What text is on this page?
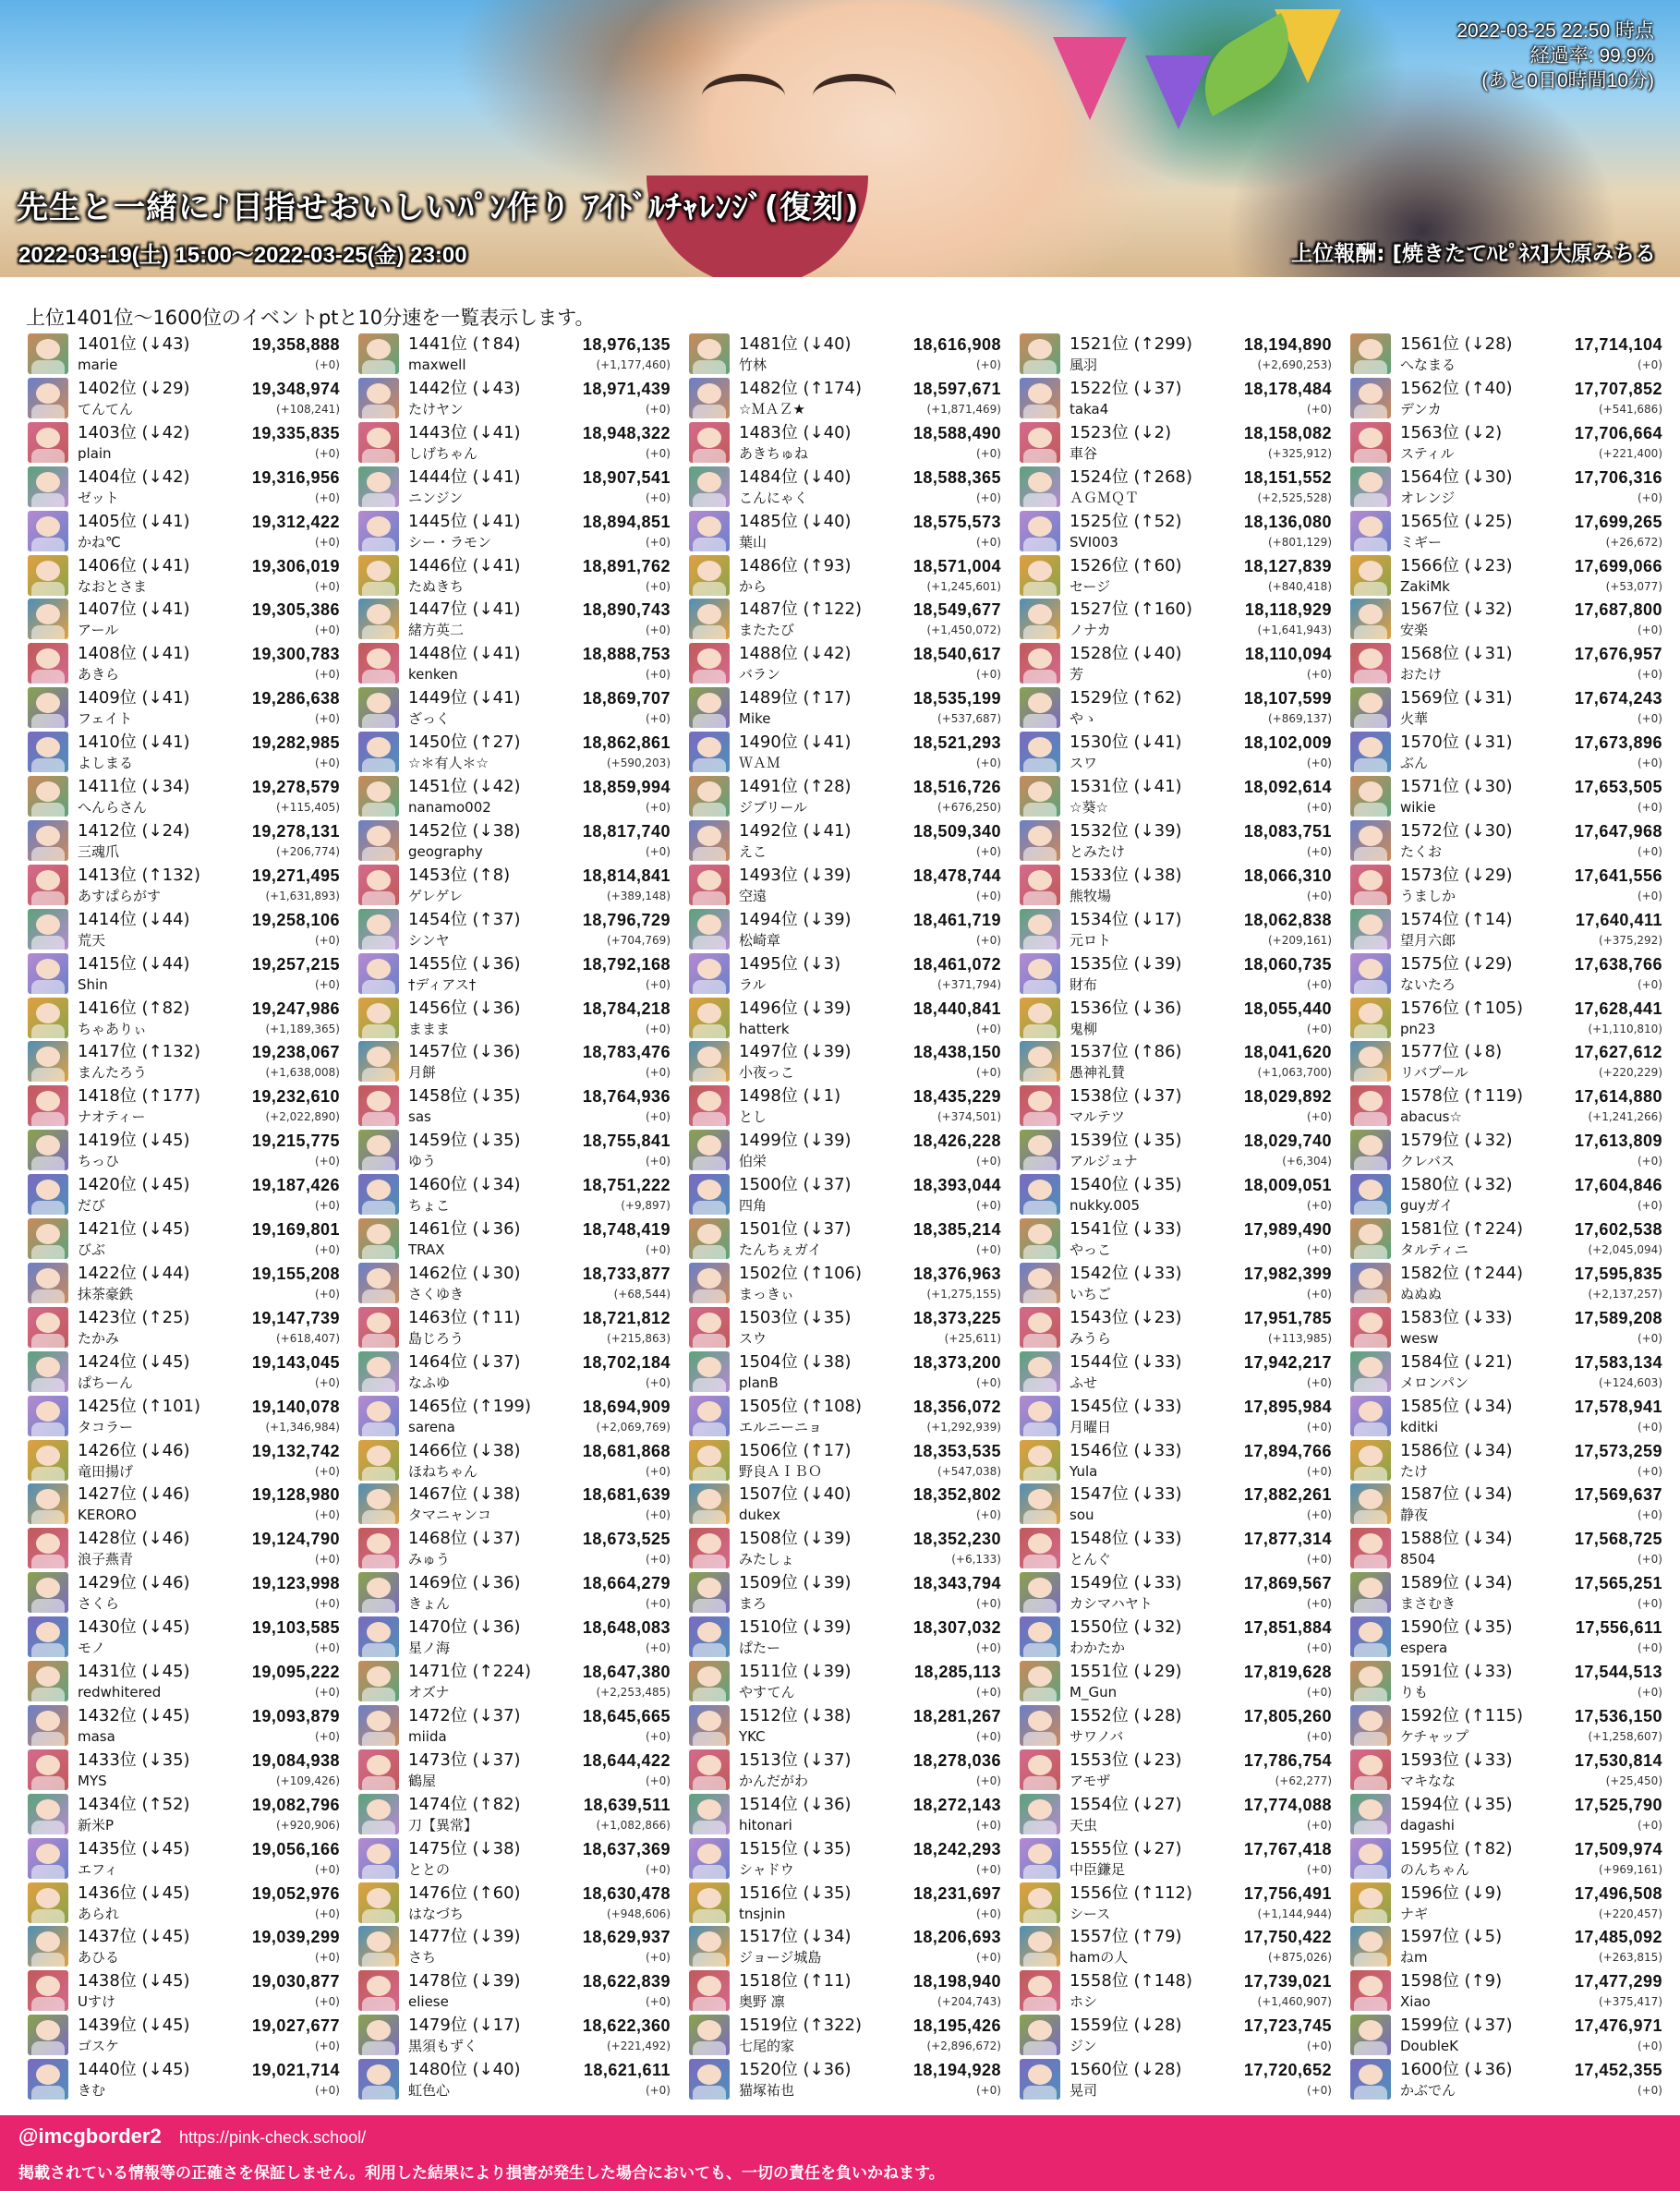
2022-03-25 22:50 時点
経過率: 99.9%
(あと0日0時間10分)
先生と一緒に♪目指せおいしいﾊﾟﾝ作り ｱｲﾄﾞﾙﾁｬﾚﾝｼﾞ(復刻)
2022-03-19(土) 15:00～2022-03-25(金) 23:00	上位報酬: [焼きたてﾊﾋﾟﾈｽ]大原みちる
上位1401位～1600位のイベントptと10分速を一覧表示します。
1401位 (↓43)	19,358,888
marie	(+0)
1402位 (↓29)	19,348,974
てんてん	(+108,241)
1403位 (↓42)	19,335,835
plain	(+0)
1404位 (↓42)	19,316,956
ゼット	(+0)
1405位 (↓41)	19,312,422
かね℃	(+0)
1406位 (↓41)	19,306,019
なおとさま	(+0)
1407位 (↓41)	19,305,386
アール	(+0)
1408位 (↓41)	19,300,783
あきら	(+0)
1409位 (↓41)	19,286,638
フェイト	(+0)
1410位 (↓41)	19,282,985
よしまる	(+0)
1411位 (↓34)	19,278,579
へんらさん	(+115,405)
1412位 (↓24)	19,278,131
三魂爪	(+206,774)
1413位 (↑132)	19,271,495
あすぱらがす	(+1,631,893)
1414位 (↓44)	19,258,106
荒天	(+0)
1415位 (↓44)	19,257,215
Shin	(+0)
1416位 (↑82)	19,247,986
ちゃありぃ	(+1,189,365)
1417位 (↑132)	19,238,067
まんたろう	(+1,638,008)
1418位 (↑177)	19,232,610
ナオティー	(+2,022,890)
1419位 (↓45)	19,215,775
ちっひ	(+0)
1420位 (↓45)	19,187,426
だび	(+0)
1421位 (↓45)	19,169,801
びぶ	(+0)
1422位 (↓44)	19,155,208
抹茶豪鉄	(+0)
1423位 (↑25)	19,147,739
たかみ	(+618,407)
1424位 (↓45)	19,143,045
ぱちーん	(+0)
1425位 (↑101)	19,140,078
タコラー	(+1,346,984)
1426位 (↓46)	19,132,742
竜田揚げ	(+0)
1427位 (↓46)	19,128,980
KERORO	(+0)
1428位 (↓46)	19,124,790
浪子燕青	(+0)
1429位 (↓46)	19,123,998
さくら	(+0)
1430位 (↓45)	19,103,585
モノ	(+0)
1431位 (↓45)	19,095,222
redwhitered	(+0)
1432位 (↓45)	19,093,879
masa	(+0)
1433位 (↓35)	19,084,938
MYS	(+109,426)
1434位 (↑52)	19,082,796
新米P	(+920,906)
1435位 (↓45)	19,056,166
エフィ	(+0)
1436位 (↓45)	19,052,976
あられ	(+0)
1437位 (↓45)	19,039,299
あひる	(+0)
1438位 (↓45)	19,030,877
Uすけ	(+0)
1439位 (↓45)	19,027,677
ゴスケ	(+0)
1440位 (↓45)	19,021,714
きむ	(+0)
1441位 (↑84)	18,976,135
maxwell	(+1,177,460)
1442位 (↓43)	18,971,439
たけヤン	(+0)
1443位 (↓41)	18,948,322
しげちゃん	(+0)
1444位 (↓41)	18,907,541
ニンジン	(+0)
1445位 (↓41)	18,894,851
シー・ラモン	(+0)
1446位 (↓41)	18,891,762
たぬきち	(+0)
1447位 (↓41)	18,890,743
緒方英二	(+0)
1448位 (↓41)	18,888,753
kenken	(+0)
1449位 (↓41)	18,869,707
ざっく	(+0)
1450位 (↑27)	18,862,861
☆＊有人＊☆	(+590,203)
1451位 (↓42)	18,859,994
nanamo002	(+0)
1452位 (↓38)	18,817,740
geography	(+0)
1453位 (↑8)	18,814,841
ゲレゲレ	(+389,148)
1454位 (↑37)	18,796,729
シンヤ	(+704,769)
1455位 (↓36)	18,792,168
†ディアス†	(+0)
1456位 (↓36)	18,784,218
ままま	(+0)
1457位 (↓36)	18,783,476
月餅	(+0)
1458位 (↓35)	18,764,936
sas	(+0)
1459位 (↓35)	18,755,841
ゆう	(+0)
1460位 (↓34)	18,751,222
ちょこ	(+9,897)
1461位 (↓36)	18,748,419
TRAX	(+0)
1462位 (↓30)	18,733,877
さくゆき	(+68,544)
1463位 (↑11)	18,721,812
島じろう	(+215,863)
1464位 (↓37)	18,702,184
なふゆ	(+0)
1465位 (↑199)	18,694,909
sarena	(+2,069,769)
1466位 (↓38)	18,681,868
ほねちゃん	(+0)
1467位 (↓38)	18,681,639
タマニャンコ	(+0)
1468位 (↓37)	18,673,525
みゅう	(+0)
1469位 (↓36)	18,664,279
きょん	(+0)
1470位 (↓36)	18,648,083
星ノ海	(+0)
1471位 (↑224)	18,647,380
オズナ	(+2,253,485)
1472位 (↓37)	18,645,665
miida	(+0)
1473位 (↓37)	18,644,422
鶴屋	(+0)
1474位 (↑82)	18,639,511
刀【異常】	(+1,082,866)
1475位 (↓38)	18,637,369
ととの	(+0)
1476位 (↑60)	18,630,478
はなづち	(+948,606)
1477位 (↓39)	18,629,937
さち	(+0)
1478位 (↓39)	18,622,839
eliese	(+0)
1479位 (↓17)	18,622,360
黒須もずく	(+221,492)
1480位 (↓40)	18,621,611
虹色心	(+0)
1481位 (↓40)	18,616,908
竹林	(+0)
1482位 (↑174)	18,597,671
☆ＭＡＺ★	(+1,871,469)
1483位 (↓40)	18,588,490
あきちゅね	(+0)
1484位 (↓40)	18,588,365
こんにゃく	(+0)
1485位 (↓40)	18,575,573
葉山	(+0)
1486位 (↑93)	18,571,004
から	(+1,245,601)
1487位 (↑122)	18,549,677
またたび	(+1,450,072)
1488位 (↓42)	18,540,617
バラン	(+0)
1489位 (↑17)	18,535,199
Mike	(+537,687)
1490位 (↓41)	18,521,293
ＷＡＭ	(+0)
1491位 (↑28)	18,516,726
ジブリール	(+676,250)
1492位 (↓41)	18,509,340
えこ	(+0)
1493位 (↓39)	18,478,744
空遠	(+0)
1494位 (↓39)	18,461,719
松崎章	(+0)
1495位 (↓3)	18,461,072
ラル	(+371,794)
1496位 (↓39)	18,440,841
hatterk	(+0)
1497位 (↓39)	18,438,150
小夜っこ	(+0)
1498位 (↓1)	18,435,229
とし	(+374,501)
1499位 (↓39)	18,426,228
伯栄	(+0)
1500位 (↓37)	18,393,044
四角	(+0)
1501位 (↓37)	18,385,214
たんちぇガイ	(+0)
1502位 (↑106)	18,376,963
まっきぃ	(+1,275,155)
1503位 (↓35)	18,373,225
スウ	(+25,611)
1504位 (↓38)	18,373,200
planB	(+0)
1505位 (↑108)	18,356,072
エルニーニョ	(+1,292,939)
1506位 (↑17)	18,353,535
野良ＡＩＢＯ	(+547,038)
1507位 (↓40)	18,352,802
dukex	(+0)
1508位 (↓39)	18,352,230
みたしょ	(+6,133)
1509位 (↓39)	18,343,794
まろ	(+0)
1510位 (↓39)	18,307,032
ぱたー	(+0)
1511位 (↓39)	18,285,113
やすてん	(+0)
1512位 (↓38)	18,281,267
YKC	(+0)
1513位 (↓37)	18,278,036
かんだがわ	(+0)
1514位 (↓36)	18,272,143
hitonari	(+0)
1515位 (↓35)	18,242,293
シャドウ	(+0)
1516位 (↓35)	18,231,697
tnsjnin	(+0)
1517位 (↓34)	18,206,693
ジョージ城島	(+0)
1518位 (↑11)	18,198,940
奥野 凛	(+204,743)
1519位 (↑322)	18,195,426
七尾的家	(+2,896,672)
1520位 (↓36)	18,194,928
猫塚祐也	(+0)
1521位 (↑299)	18,194,890
風羽	(+2,690,253)
1522位 (↓37)	18,178,484
taka4	(+0)
1523位 (↓2)	18,158,082
車谷	(+325,912)
1524位 (↑268)	18,151,552
ＡＧＭＱＴ	(+2,525,528)
1525位 (↑52)	18,136,080
SVI003	(+801,129)
1526位 (↑60)	18,127,839
セージ	(+840,418)
1527位 (↑160)	18,118,929
ノナカ	(+1,641,943)
1528位 (↓40)	18,110,094
芳	(+0)
1529位 (↑62)	18,107,599
やゝ	(+869,137)
1530位 (↓41)	18,102,009
スワ	(+0)
1531位 (↓41)	18,092,614
☆葵☆	(+0)
1532位 (↓39)	18,083,751
とみたけ	(+0)
1533位 (↓38)	18,066,310
熊牧場	(+0)
1534位 (↓17)	18,062,838
元ロト	(+209,161)
1535位 (↓39)	18,060,735
財布	(+0)
1536位 (↓36)	18,055,440
鬼柳	(+0)
1537位 (↑86)	18,041,620
愚神礼賛	(+1,063,700)
1538位 (↓37)	18,029,892
マルテツ	(+0)
1539位 (↓35)	18,029,740
アルジュナ	(+6,304)
1540位 (↓35)	18,009,051
nukky.005	(+0)
1541位 (↓33)	17,989,490
やっこ	(+0)
1542位 (↓33)	17,982,399
いちご	(+0)
1543位 (↓23)	17,951,785
みうら	(+113,985)
1544位 (↓33)	17,942,217
ふせ	(+0)
1545位 (↓33)	17,895,984
月曜日	(+0)
1546位 (↓33)	17,894,766
Yula	(+0)
1547位 (↓33)	17,882,261
sou	(+0)
1548位 (↓33)	17,877,314
とんぐ	(+0)
1549位 (↓33)	17,869,567
カシマハヤト	(+0)
1550位 (↓32)	17,851,884
わかたか	(+0)
1551位 (↓29)	17,819,628
M_Gun	(+0)
1552位 (↓28)	17,805,260
サワノバ	(+0)
1553位 (↓23)	17,786,754
アモザ	(+62,277)
1554位 (↓27)	17,774,088
天虫	(+0)
1555位 (↓27)	17,767,418
中臣鎌足	(+0)
1556位 (↑112)	17,756,491
シース	(+1,144,944)
1557位 (↑79)	17,750,422
hamの人	(+875,026)
1558位 (↑148)	17,739,021
ホシ	(+1,460,907)
1559位 (↓28)	17,723,745
ジン	(+0)
1560位 (↓28)	17,720,652
晃司	(+0)
1561位 (↓28)	17,714,104
へなまる	(+0)
1562位 (↑40)	17,707,852
デンカ	(+541,686)
1563位 (↓2)	17,706,664
スティル	(+221,400)
1564位 (↓30)	17,706,316
オレンジ	(+0)
1565位 (↓25)	17,699,265
ミギー	(+26,672)
1566位 (↓23)	17,699,066
ZakiMk	(+53,077)
1567位 (↓32)	17,687,800
安楽	(+0)
1568位 (↓31)	17,676,957
おたけ	(+0)
1569位 (↓31)	17,674,243
火華	(+0)
1570位 (↓31)	17,673,896
ぶん	(+0)
1571位 (↓30)	17,653,505
wikie	(+0)
1572位 (↓30)	17,647,968
たくお	(+0)
1573位 (↓29)	17,641,556
うましか	(+0)
1574位 (↑14)	17,640,411
望月六郎	(+375,292)
1575位 (↓29)	17,638,766
ないたろ	(+0)
1576位 (↑105)	17,628,441
pn23	(+1,110,810)
1577位 (↓8)	17,627,612
リバプール	(+220,229)
1578位 (↑119)	17,614,880
abacus☆	(+1,241,266)
1579位 (↓32)	17,613,809
クレバス	(+0)
1580位 (↓32)	17,604,846
guyガイ	(+0)
1581位 (↑224)	17,602,538
タルティニ	(+2,045,094)
1582位 (↑244)	17,595,835
ぬぬぬ	(+2,137,257)
1583位 (↓33)	17,589,208
wesw	(+0)
1584位 (↓21)	17,583,134
メロンパン	(+124,603)
1585位 (↓34)	17,578,941
kditki	(+0)
1586位 (↓34)	17,573,259
たけ	(+0)
1587位 (↓34)	17,569,637
静夜	(+0)
1588位 (↓34)	17,568,725
8504	(+0)
1589位 (↓34)	17,565,251
まさむき	(+0)
1590位 (↓35)	17,556,611
espera	(+0)
1591位 (↓33)	17,544,513
りも	(+0)
1592位 (↑115)	17,536,150
ケチャップ	(+1,258,607)
1593位 (↓33)	17,530,814
マキなな	(+25,450)
1594位 (↓35)	17,525,790
dagashi	(+0)
1595位 (↑82)	17,509,974
のんちゃん	(+969,161)
1596位 (↓9)	17,496,508
ナギ	(+220,457)
1597位 (↓5)	17,485,092
ねm	(+263,815)
1598位 (↑9)	17,477,299
Xiao	(+375,417)
1599位 (↓37)	17,476,971
DoubleK	(+0)
1600位 (↓36)	17,452,355
かぶでん	(+0)
@imcgborder2 https://pink-check.school/
掲載されている情報等の正確さを保証しません。利用した結果により損害が発生した場合においても、一切の責任を負いかねます。
